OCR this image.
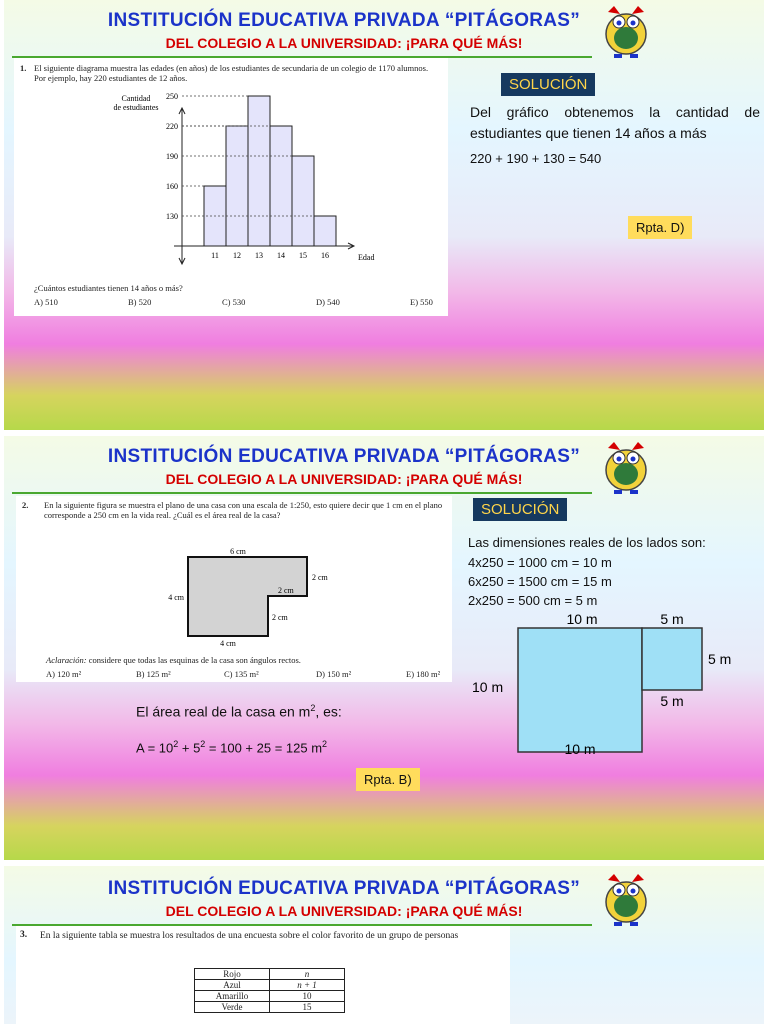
INSTITUCIÓN EDUCATIVA PRIVADA “PITÁGORAS”
DEL COLEGIO A LA UNIVERSIDAD: ¡PARA QUÉ MÁS!
1. El siguiente diagrama muestra las edades (en años) de los estudiantes de secundaria de un colegio de 1170 alumnos. Por ejemplo, hay 220 estudiantes de 12 años.
11 12 13 14 15 16
130
160
190
220
250
Cantidad
de estudiantes
Edad
¿Cuántos estudiantes tienen 14 años o más?
A) 510	B) 520	C) 530	D) 540	E) 550
SOLUCIÓN
Del gráfico obtenemos la cantidad de
estudiantes que tienen 14 años a más
220 + 190 + 130 = 540
Rpta. D)
INSTITUCIÓN EDUCATIVA PRIVADA “PITÁGORAS”
DEL COLEGIO A LA UNIVERSIDAD: ¡PARA QUÉ MÁS!
2.	En la siguiente figura se muestra el plano de una casa con una escala de 1:250, esto quiere decir que 1 cm en el plano corresponde a 250 cm en la vida real. ¿Cuál es el área real de la casa?
6 cm
4 cm
2 cm
2 cm
2 cm
4 cm
Aclaración: considere que todas las esquinas de la casa son ángulos rectos.
A) 120 m²	B) 125 m²	C) 135 m²	D) 150 m²	E) 180 m²
El área real de la casa en $m^2$, es:
$A = 10^2 + 5^2 = 100 + 25 = 125$ $m^2$
Rpta. B)
SOLUCIÓN
Las dimensiones reales de los lados son:
4x250 = 1000 cm = 10 m
6x250 = 1500 cm = 15 m
2x250 = 500 cm = 5 m
10 m	5 m
5 m
10 m
5 m
10 m
INSTITUCIÓN EDUCATIVA PRIVADA “PITÁGORAS”
DEL COLEGIO A LA UNIVERSIDAD: ¡PARA QUÉ MÁS!
3.	En la siguiente tabla se muestra los resultados de una encuesta sobre el color favorito de un grupo de personas
Rojo	n
Azul	n + 1
Amarillo	10
Verde	15
